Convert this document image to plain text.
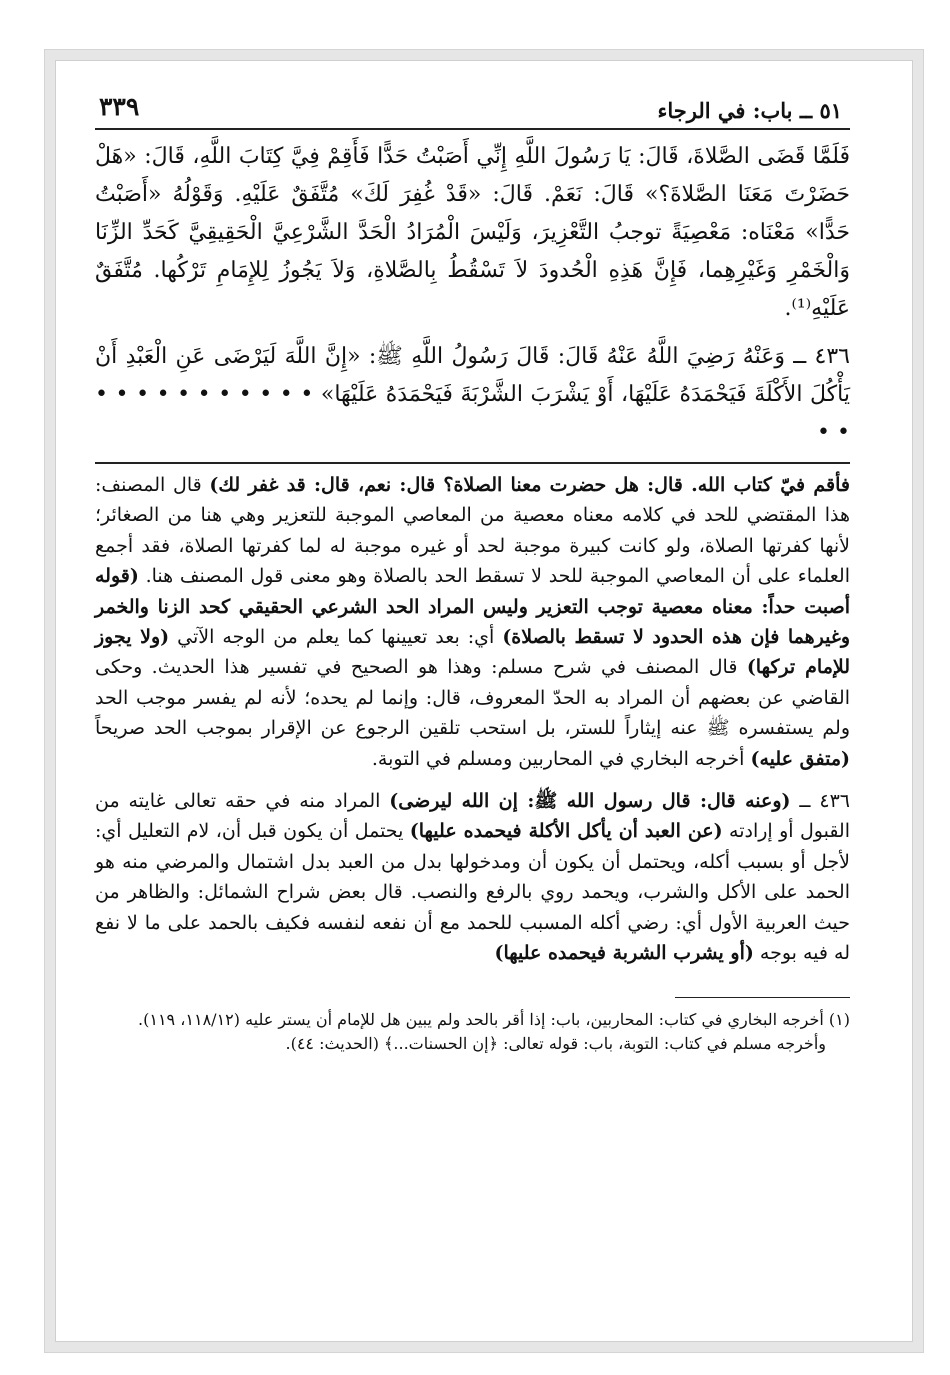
٥١ ــ باب: في الرجاء
٣٣٩

فَلَمَّا قَضَى الصَّلاةَ، قَالَ: يَا رَسُولَ اللَّهِ إِنِّي أَصَبْتُ حَدًّا فَأَقِمْ فِيَّ كِتَابَ اللَّهِ، قَالَ: «هَلْ حَضَرْتَ مَعَنَا الصَّلاةَ؟» قَالَ: نَعَمْ. قَالَ: «قَدْ غُفِرَ لَكَ» مُتَّفَقٌ عَلَيْهِ. وَقَوْلُهُ «أَصَبْتُ حَدًّا» مَعْنَاه: مَعْصِيَةً توجبُ التَّعْزِيرَ، وَلَيْسَ الْمُرَادُ الْحَدَّ الشَّرْعِيَّ الْحَقِيقِيَّ كَحَدِّ الزِّنَا وَالْخَمْرِ وَغَيْرِهِما، فَإِنَّ هَذِهِ الْحُدودَ لاَ تَسْقُطُ بِالصَّلاةِ، وَلاَ يَجُوزُ لِلإِمَامِ تَرْكُها. مُتَّفَقٌ عَلَيْهِ⁽¹⁾.

٤٣٦ ــ وَعَنْهُ رَضِيَ اللَّهُ عَنْهُ قَالَ: قَالَ رَسُولُ اللَّهِ ﷺ: «إِنَّ اللَّهَ لَيَرْضَى عَنِ الْعَبْدِ أَنْ يَأْكُلَ الأَكْلَةَ فَيَحْمَدَهُ عَلَيْهَا، أَوْ يَشْرَبَ الشَّرْبَةَ فَيَحْمَدَهُ عَلَيْهَا» • • • • • • • • • • • • •

فأقم فيّ كتاب الله. قال: هل حضرت معنا الصلاة؟ قال: نعم، قال: قد غفر لك) قال المصنف: هذا المقتضي للحد في كلامه معناه معصية من المعاصي الموجبة للتعزير وهي هنا من الصغائر؛ لأنها كفرتها الصلاة، ولو كانت كبيرة موجبة لحد أو غيره موجبة له لما كفرتها الصلاة، فقد أجمع العلماء على أن المعاصي الموجبة للحد لا تسقط الحد بالصلاة وهو معنى قول المصنف هنا. (قوله أصبت حداً: معناه معصية توجب التعزير وليس المراد الحد الشرعي الحقيقي كحد الزنا والخمر وغيرهما فإن هذه الحدود لا تسقط بالصلاة) أي: بعد تعيينها كما يعلم من الوجه الآتي (ولا يجوز للإمام تركها) قال المصنف في شرح مسلم: وهذا هو الصحيح في تفسير هذا الحديث. وحكى القاضي عن بعضهم أن المراد به الحدّ المعروف، قال: وإنما لم يحده؛ لأنه لم يفسر موجب الحد ولم يستفسره ﷺ عنه إيثاراً للستر، بل استحب تلقين الرجوع عن الإقرار بموجب الحد صريحاً (متفق عليه) أخرجه البخاري في المحاربين ومسلم في التوبة.

٤٣٦ ــ (وعنه قال: قال رسول الله ﷺ: إن الله ليرضى) المراد منه في حقه تعالى غايته من القبول أو إرادته (عن العبد أن يأكل الأكلة فيحمده عليها) يحتمل أن يكون قبل أن، لام التعليل أي: لأجل أو بسبب أكله، ويحتمل أن يكون أن ومدخولها بدل من العبد بدل اشتمال والمرضي منه هو الحمد على الأكل والشرب، ويحمد روي بالرفع والنصب. قال بعض شراح الشمائل: والظاهر من حيث العربية الأول أي: رضي أكله المسبب للحمد مع أن نفعه لنفسه فكيف بالحمد على ما لا نفع له فيه بوجه (أو يشرب الشربة فيحمده عليها)

(١) أخرجه البخاري في كتاب: المحاربين، باب: إذا أقر بالحد ولم يبين هل للإمام أن يستر عليه (١١٨/١٢، ١١٩).

وأخرجه مسلم في كتاب: التوبة، باب: قوله تعالى: ﴿إن الحسنات...﴾ (الحديث: ٤٤).
